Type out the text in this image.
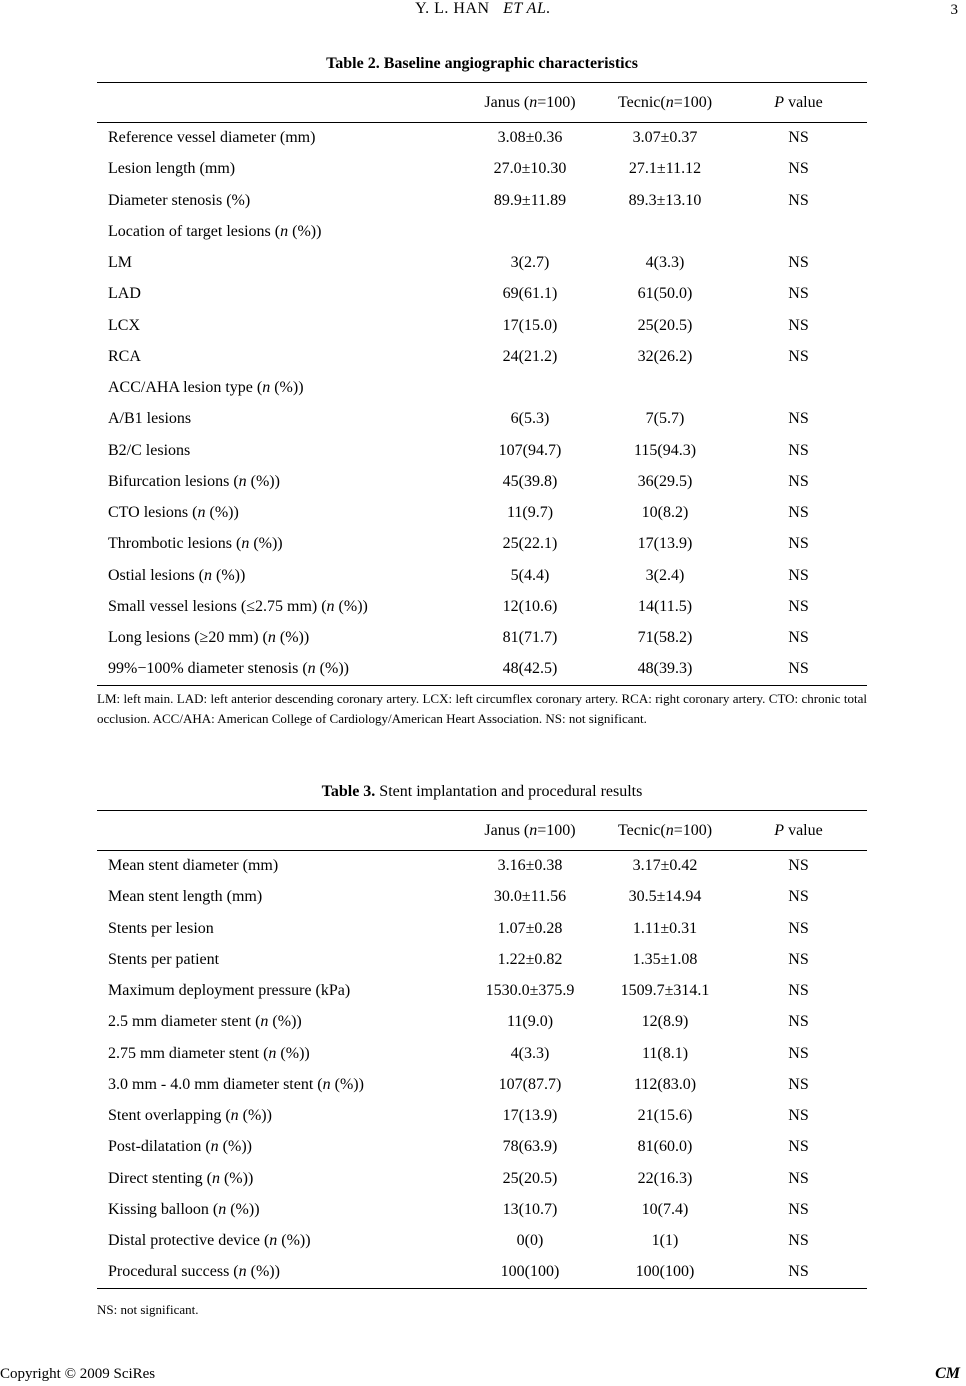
Y. L. HAN ET AL.	3
Table 2. Baseline angiographic characteristics
	Janus (n=100)	Tecnic(n=100)	P value
Reference vessel diameter (mm)	3.08±0.36	3.07±0.37	NS
Lesion length (mm)	27.0±10.30	27.1±11.12	NS
Diameter stenosis (%)	89.9±11.89	89.3±13.10	NS
Location of target lesions (n (%))			
LM	3(2.7)	4(3.3)	NS
LAD	69(61.1)	61(50.0)	NS
LCX	17(15.0)	25(20.5)	NS
RCA	24(21.2)	32(26.2)	NS
ACC/AHA lesion type (n (%))			
A/B1 lesions	6(5.3)	7(5.7)	NS
B2/C lesions	107(94.7)	115(94.3)	NS
Bifurcation lesions (n (%))	45(39.8)	36(29.5)	NS
CTO lesions (n (%))	11(9.7)	10(8.2)	NS
Thrombotic lesions (n (%))	25(22.1)	17(13.9)	NS
Ostial lesions (n (%))	5(4.4)	3(2.4)	NS
Small vessel lesions (≤2.75 mm) (n (%))	12(10.6)	14(11.5)	NS
Long lesions (≥20 mm) (n (%))	81(71.7)	71(58.2)	NS
99%−100% diameter stenosis (n (%))	48(42.5)	48(39.3)	NS
LM: left main. LAD: left anterior descending coronary artery. LCX: left circumflex coronary artery. RCA: right coronary artery. CTO: chronic total occlusion. ACC/AHA: American College of Cardiology/American Heart Association. NS: not significant.
Table 3. Stent implantation and procedural results
	Janus (n=100)	Tecnic(n=100)	P value
Mean stent diameter (mm)	3.16±0.38	3.17±0.42	NS
Mean stent length (mm)	30.0±11.56	30.5±14.94	NS
Stents per lesion	1.07±0.28	1.11±0.31	NS
Stents per patient	1.22±0.82	1.35±1.08	NS
Maximum deployment pressure (kPa)	1530.0±375.9	1509.7±314.1	NS
2.5 mm diameter stent (n (%))	11(9.0)	12(8.9)	NS
2.75 mm diameter stent (n (%))	4(3.3)	11(8.1)	NS
3.0 mm - 4.0 mm diameter stent (n (%))	107(87.7)	112(83.0)	NS
Stent overlapping (n (%))	17(13.9)	21(15.6)	NS
Post-dilatation (n (%))	78(63.9)	81(60.0)	NS
Direct stenting (n (%))	25(20.5)	22(16.3)	NS
Kissing balloon (n (%))	13(10.7)	10(7.4)	NS
Distal protective device (n (%))	0(0)	1(1)	NS
Procedural success (n (%))	100(100)	100(100)	NS
NS: not significant.
Copyright © 2009 SciRes	CM
